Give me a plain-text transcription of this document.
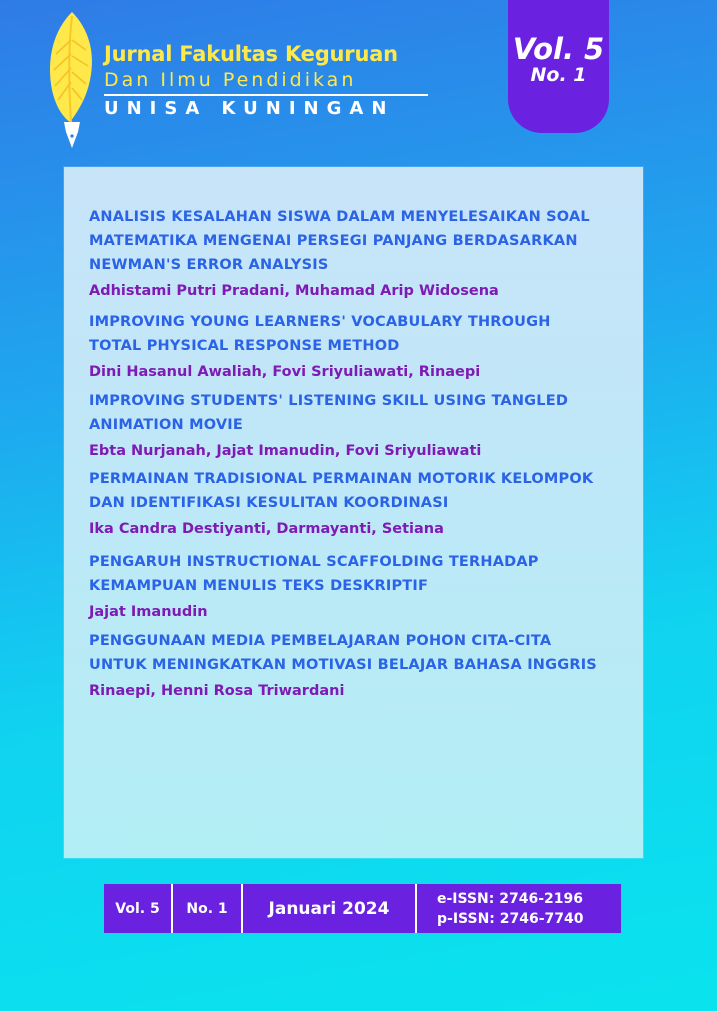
Jurnal Fakultas Keguruan
Dan Ilmu Pendidikan
UNISA KUNINGAN
Vol. 5
No. 1
ANALISIS KESALAHAN SISWA DALAM MENYELESAIKAN SOAL
MATEMATIKA MENGENAI PERSEGI PANJANG BERDASARKAN
NEWMAN'S ERROR ANALYSIS
Adhistami Putri Pradani, Muhamad Arip Widosena
IMPROVING YOUNG LEARNERS' VOCABULARY THROUGH
TOTAL PHYSICAL RESPONSE METHOD
Dini Hasanul Awaliah, Fovi Sriyuliawati, Rinaepi
IMPROVING STUDENTS' LISTENING SKILL USING TANGLED
ANIMATION MOVIE
Ebta Nurjanah, Jajat Imanudin, Fovi Sriyuliawati
PERMAINAN TRADISIONAL PERMAINAN MOTORIK KELOMPOK
DAN IDENTIFIKASI KESULITAN KOORDINASI
Ika Candra Destiyanti, Darmayanti, Setiana
PENGARUH INSTRUCTIONAL SCAFFOLDING TERHADAP
KEMAMPUAN MENULIS TEKS DESKRIPTIF
Jajat Imanudin
PENGGUNAAN MEDIA PEMBELAJARAN POHON CITA-CITA
UNTUK MENINGKATKAN MOTIVASI BELAJAR BAHASA INGGRIS
Rinaepi, Henni Rosa Triwardani
Vol. 5	No. 1	Januari 2024	e-ISSN: 2746-2196
p-ISSN: 2746-7740
